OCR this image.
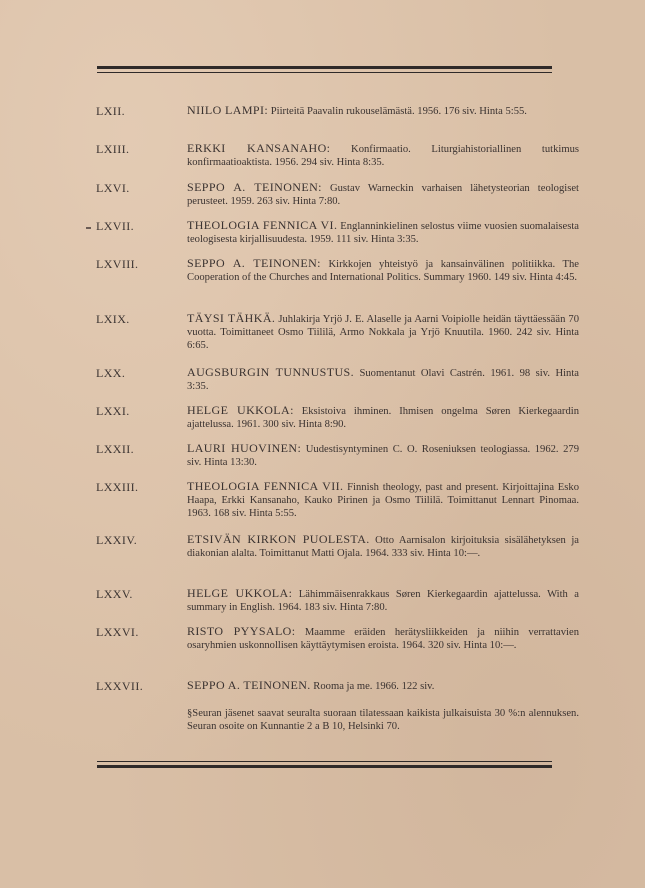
LXII.	NIILO LAMPI: Piirteitä Paavalin rukouselämästä. 1956. 176 siv. Hinta 5:55.
LXIII.	ERKKI KANSANAHO: Konfirmaatio. Liturgiahistoriallinen tutkimus konfirmaatioaktista. 1956. 294 siv. Hinta 8:35.
LXVI.	SEPPO A. TEINONEN: Gustav Warneckin varhaisen lähetysteorian teologiset perusteet. 1959. 263 siv. Hinta 7:80.
LXVII.	THEOLOGIA FENNICA VI. Englanninkielinen selostus viime vuosien suomalaisesta teologisesta kirjallisuudesta. 1959. 111 siv. Hinta 3:35.
LXVIII.	SEPPO A. TEINONEN: Kirkkojen yhteistyö ja kansainvälinen politiikka. The Cooperation of the Churches and International Politics. Summary 1960. 149 siv. Hinta 4:45.
LXIX.	TÄYSI TÄHKÄ. Juhlakirja Yrjö J. E. Alaselle ja Aarni Voipiolle heidän täyttäessään 70 vuotta. Toimittaneet Osmo Tiililä, Armo Nokkala ja Yrjö Knuutila. 1960. 242 siv. Hinta 6:65.
LXX.	AUGSBURGIN TUNNUSTUS. Suomentanut Olavi Castrén. 1961. 98 siv. Hinta 3:35.
LXXI.	HELGE UKKOLA: Eksistoiva ihminen. Ihmisen ongelma Søren Kierkegaardin ajattelussa. 1961. 300 siv. Hinta 8:90.
LXXII.	LAURI HUOVINEN: Uudestisyntyminen C. O. Roseniuksen teologiassa. 1962. 279 siv. Hinta 13:30.
LXXIII.	THEOLOGIA FENNICA VII. Finnish theology, past and present. Kirjoittajina Esko Haapa, Erkki Kansanaho, Kauko Pirinen ja Osmo Tiililä. Toimittanut Lennart Pinomaa. 1963. 168 siv. Hinta 5:55.
LXXIV.	ETSIVÄN KIRKON PUOLESTA. Otto Aarnisalon kirjoituksia sisälähetyksen ja diakonian alalta. Toimittanut Matti Ojala. 1964. 333 siv. Hinta 10:—.
LXXV.	HELGE UKKOLA: Lähimmäisenrakkaus Søren Kierkegaardin ajattelussa. With a summary in English. 1964. 183 siv. Hinta 7:80.
LXXVI.	RISTO PYYSALO: Maamme eräiden herätysliikkeiden ja niihin verrattavien osaryhmien uskonnollisen käyttäytymisen eroista. 1964. 320 siv. Hinta 10:—.
LXXVII.	SEPPO A. TEINONEN. Rooma ja me. 1966. 122 siv.
§Seuran jäsenet saavat seuralta suoraan tilatessaan kaikista julkaisuista 30 %:n alennuksen. Seuran osoite on Kunnantie 2 a B 10, Helsinki 70.
